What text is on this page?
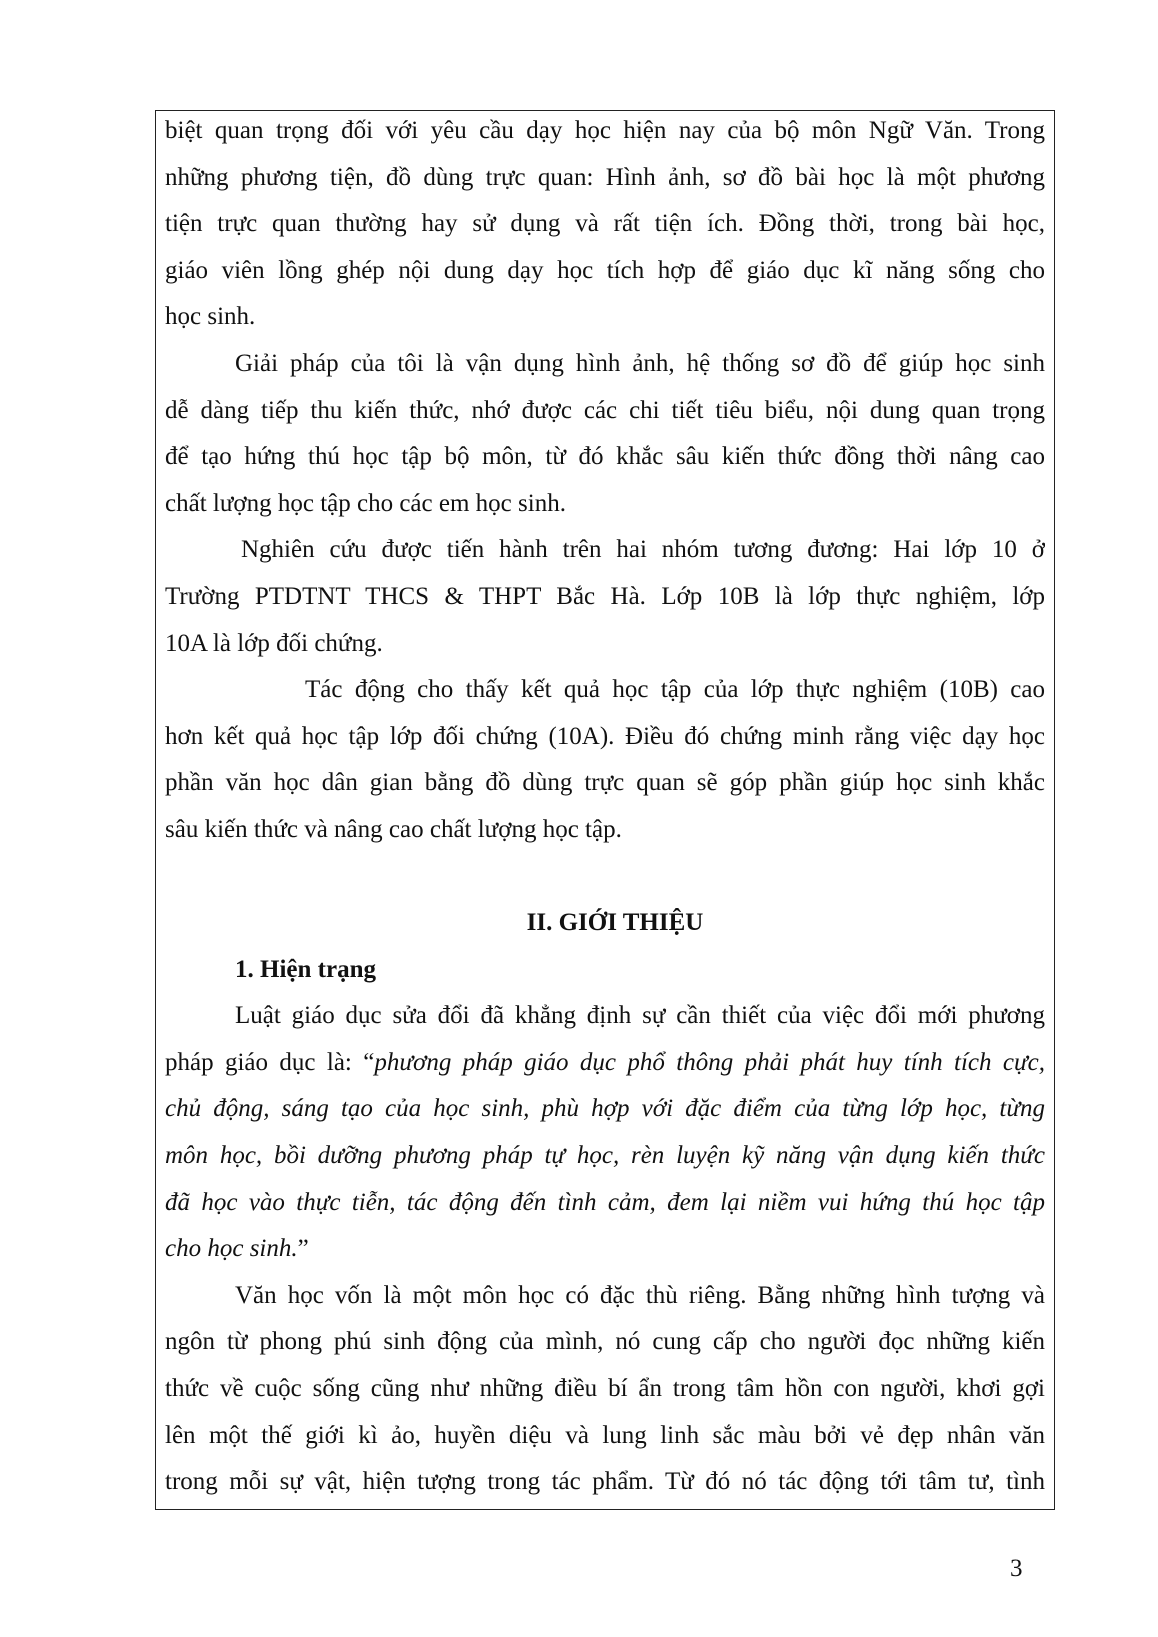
biệt quan trọng đối với yêu cầu dạy học hiện nay của bộ môn Ngữ Văn. Trong
những phương tiện, đồ dùng trực quan: Hình ảnh, sơ đồ bài học là một phương
tiện trực quan thường hay sử dụng và rất tiện ích. Đồng thời, trong bài học,
giáo viên lồng ghép nội dung dạy học tích hợp để giáo dục kĩ năng sống cho
học sinh.
Giải pháp của tôi là vận dụng hình ảnh, hệ thống sơ đồ để giúp học sinh
dễ dàng tiếp thu kiến thức, nhớ được các chi tiết tiêu biểu, nội dung quan trọng
để tạo hứng thú học tập bộ môn, từ đó khắc sâu kiến thức đồng thời nâng cao
chất lượng học tập cho các em học sinh.
Nghiên cứu được tiến hành trên hai nhóm tương đương: Hai lớp 10 ở
Trường PTDTNT THCS & THPT Bắc Hà. Lớp 10B là lớp thực nghiệm, lớp
10A là lớp đối chứng.
Tác động cho thấy kết quả học tập của lớp thực nghiệm (10B) cao
hơn kết quả học tập lớp đối chứng (10A). Điều đó chứng minh rằng việc dạy học
phần văn học dân gian bằng đồ dùng trực quan sẽ góp phần giúp học sinh khắc
sâu kiến thức và nâng cao chất lượng học tập.
II. GIỚI THIỆU
1. Hiện trạng
Luật giáo dục sửa đổi đã khẳng định sự cần thiết của việc đổi mới phương
pháp giáo dục là: “phương pháp giáo dục phổ thông phải phát huy tính tích cực,
chủ động, sáng tạo của học sinh, phù hợp với đặc điểm của từng lớp học, từng
môn học, bồi dưỡng phương pháp tự học, rèn luyện kỹ năng vận dụng kiến thức
đã học vào thực tiễn, tác động đến tình cảm, đem lại niềm vui hứng thú học tập
cho học sinh.”
Văn học vốn là một môn học có đặc thù riêng. Bằng những hình tượng và
ngôn từ phong phú sinh động của mình, nó cung cấp cho người đọc những kiến
thức về cuộc sống cũng như những điều bí ẩn trong tâm hồn con người, khơi gợi
lên một thế giới kì ảo, huyền diệu và lung linh sắc màu bởi vẻ đẹp nhân văn
trong mỗi sự vật, hiện tượng trong tác phẩm. Từ đó nó tác động tới tâm tư, tình
3
